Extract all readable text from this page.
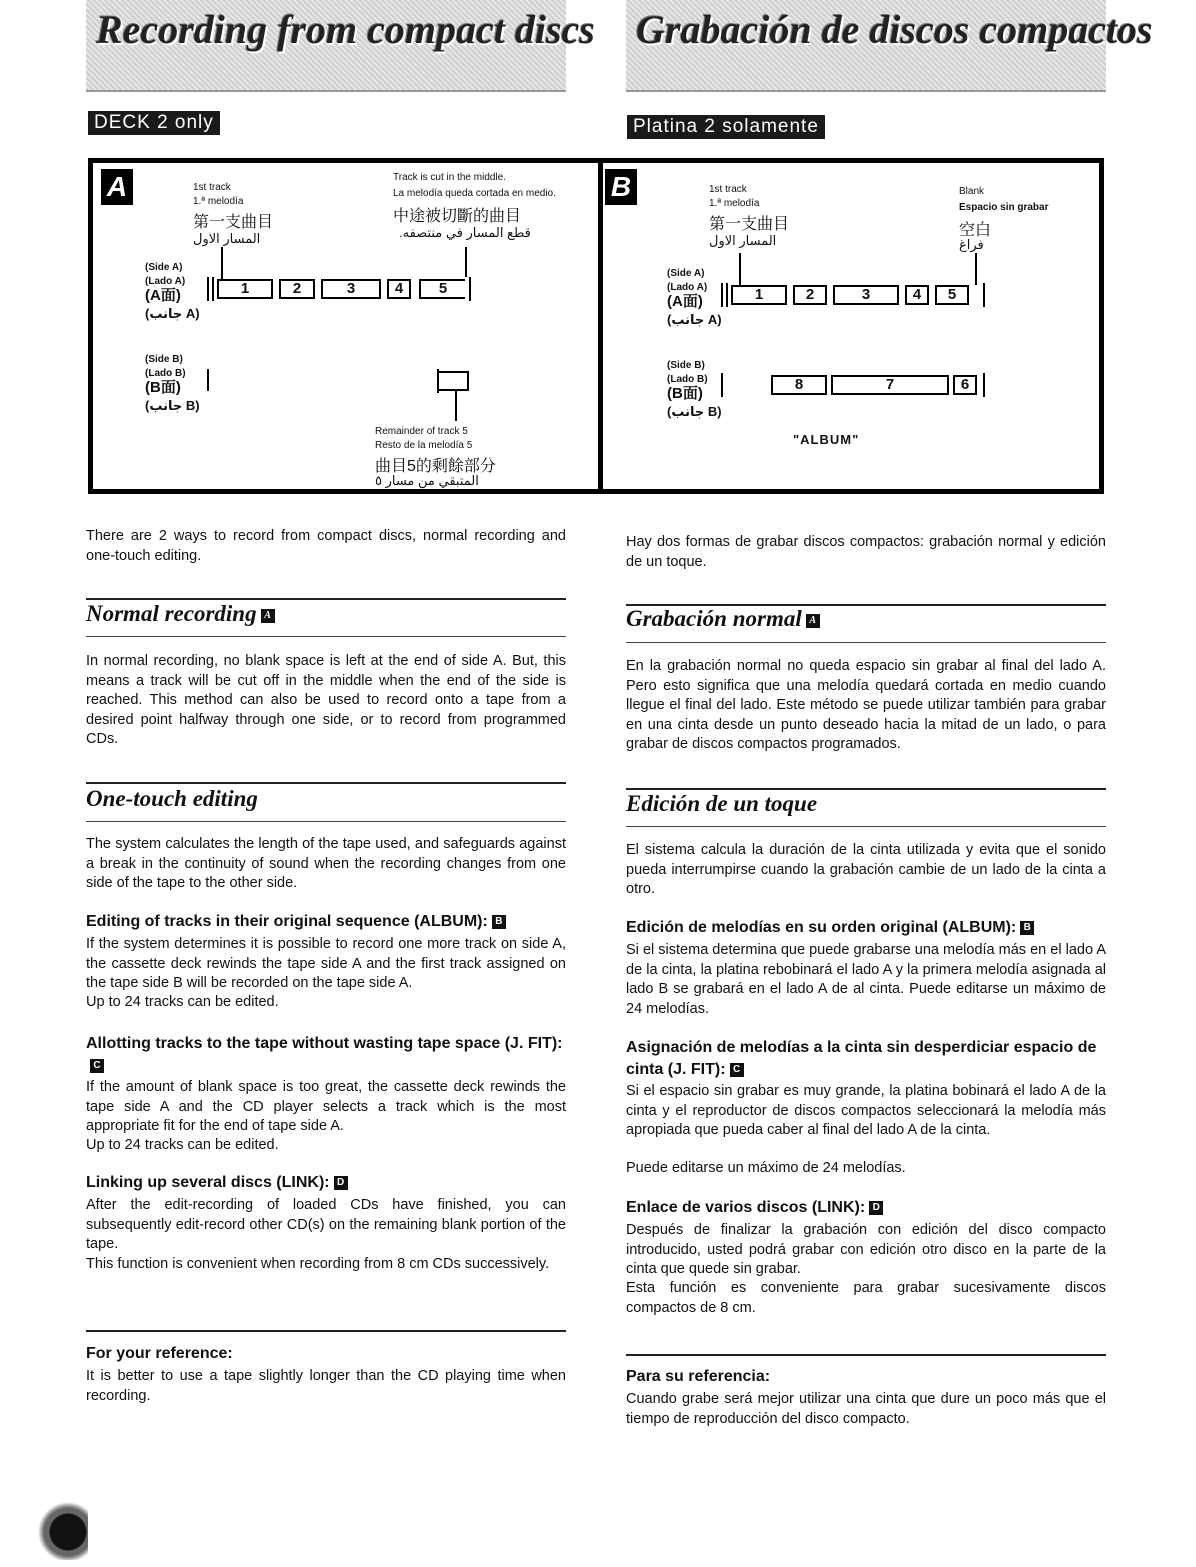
Recording from compact discs Grabación de discos compactos
DECK 2 only	Platina 2 solamente
A	1st track
1.ª melodía
第一支曲目
المسار الاول
Track is cut in the middle.
La melodía queda cortada en medio.
中途被切斷的曲目
قطع المسار في منتصفه.
(Side A)
(Lado A)
(A面)
(جانب A)
1	2	3	4	5
(Side B)
(Lado B)
(B面)
(جانب B)
Remainder of track 5
Resto de la melodía 5
曲目5的剩餘部分
المتبقي من مسار ٥
B	1st track
1.ª melodía
第一支曲目
المسار الاول
Blank
Espacio sin grabar
空白
فراغ
(Side A)
(Lado A)
(A面)
(جانب A)
1	2	3	4	5
(Side B)
(Lado B)
(B面)
(جانب B)
8	7	6
"ALBUM"

There are 2 ways to record from compact discs, normal recording and one-touch editing.

Normal recording A

In normal recording, no blank space is left at the end of side A. But, this means a track will be cut off in the middle when the end of the side is reached. This method can also be used to record onto a tape from a desired point halfway through one side, or to record from programmed CDs.

One-touch editing

The system calculates the length of the tape used, and safeguards against a break in the continuity of sound when the recording changes from one side of the tape to the other side.

Editing of tracks in their original sequence (ALBUM): B

If the system determines it is possible to record one more track on side A, the cassette deck rewinds the tape side A and the first track assigned on the tape side B will be recorded on the tape side A.

Up to 24 tracks can be edited.

Allotting tracks to the tape without wasting tape space (J. FIT):C

If the amount of blank space is too great, the cassette deck rewinds the tape side A and the CD player selects a track which is the most appropriate fit for the end of tape side A.

Up to 24 tracks can be edited.

Linking up several discs (LINK): D

After the edit-recording of loaded CDs have finished, you can subsequently edit-record other CD(s) on the remaining blank portion of the tape.

This function is convenient when recording from 8 cm CDs successively.

For your reference:

It is better to use a tape slightly longer than the CD playing time when recording.

Hay dos formas de grabar discos compactos: grabación normal y edición de un toque.

Grabación normal A

En la grabación normal no queda espacio sin grabar al final del lado A. Pero esto significa que una melodía quedará cortada en medio cuando llegue el final del lado. Este método se puede utilizar también para grabar en una cinta desde un punto deseado hacia la mitad de un lado, o para grabar de discos compactos programados.

Edición de un toque

El sistema calcula la duración de la cinta utilizada y evita que el sonido pueda interrumpirse cuando la grabación cambie de un lado de la cinta a otro.

Edición de melodías en su orden original (ALBUM): B

Si el sistema determina que puede grabarse una melodía más en el lado A de la cinta, la platina rebobinará el lado A y la primera melodía asignada al lado B se grabará en el lado A de al cinta. Puede editarse un máximo de 24 melodías.

Asignación de melodías a la cinta sin desperdiciar espacio de cinta (J. FIT): C

Si el espacio sin grabar es muy grande, la platina bobinará el lado A de la cinta y el reproductor de discos compactos seleccionará la melodía más apropiada que pueda caber al final del lado A de la cinta.

Puede editarse un máximo de 24 melodías.

Enlace de varios discos (LINK): D

Después de finalizar la grabación con edición del disco compacto introducido, usted podrá grabar con edición otro disco en la parte de la cinta que quede sin grabar.

Esta función es conveniente para grabar sucesivamente discos compactos de 8 cm.

Para su referencia:

Cuando grabe será mejor utilizar una cinta que dure un poco más que el tiempo de reproducción del disco compacto.
